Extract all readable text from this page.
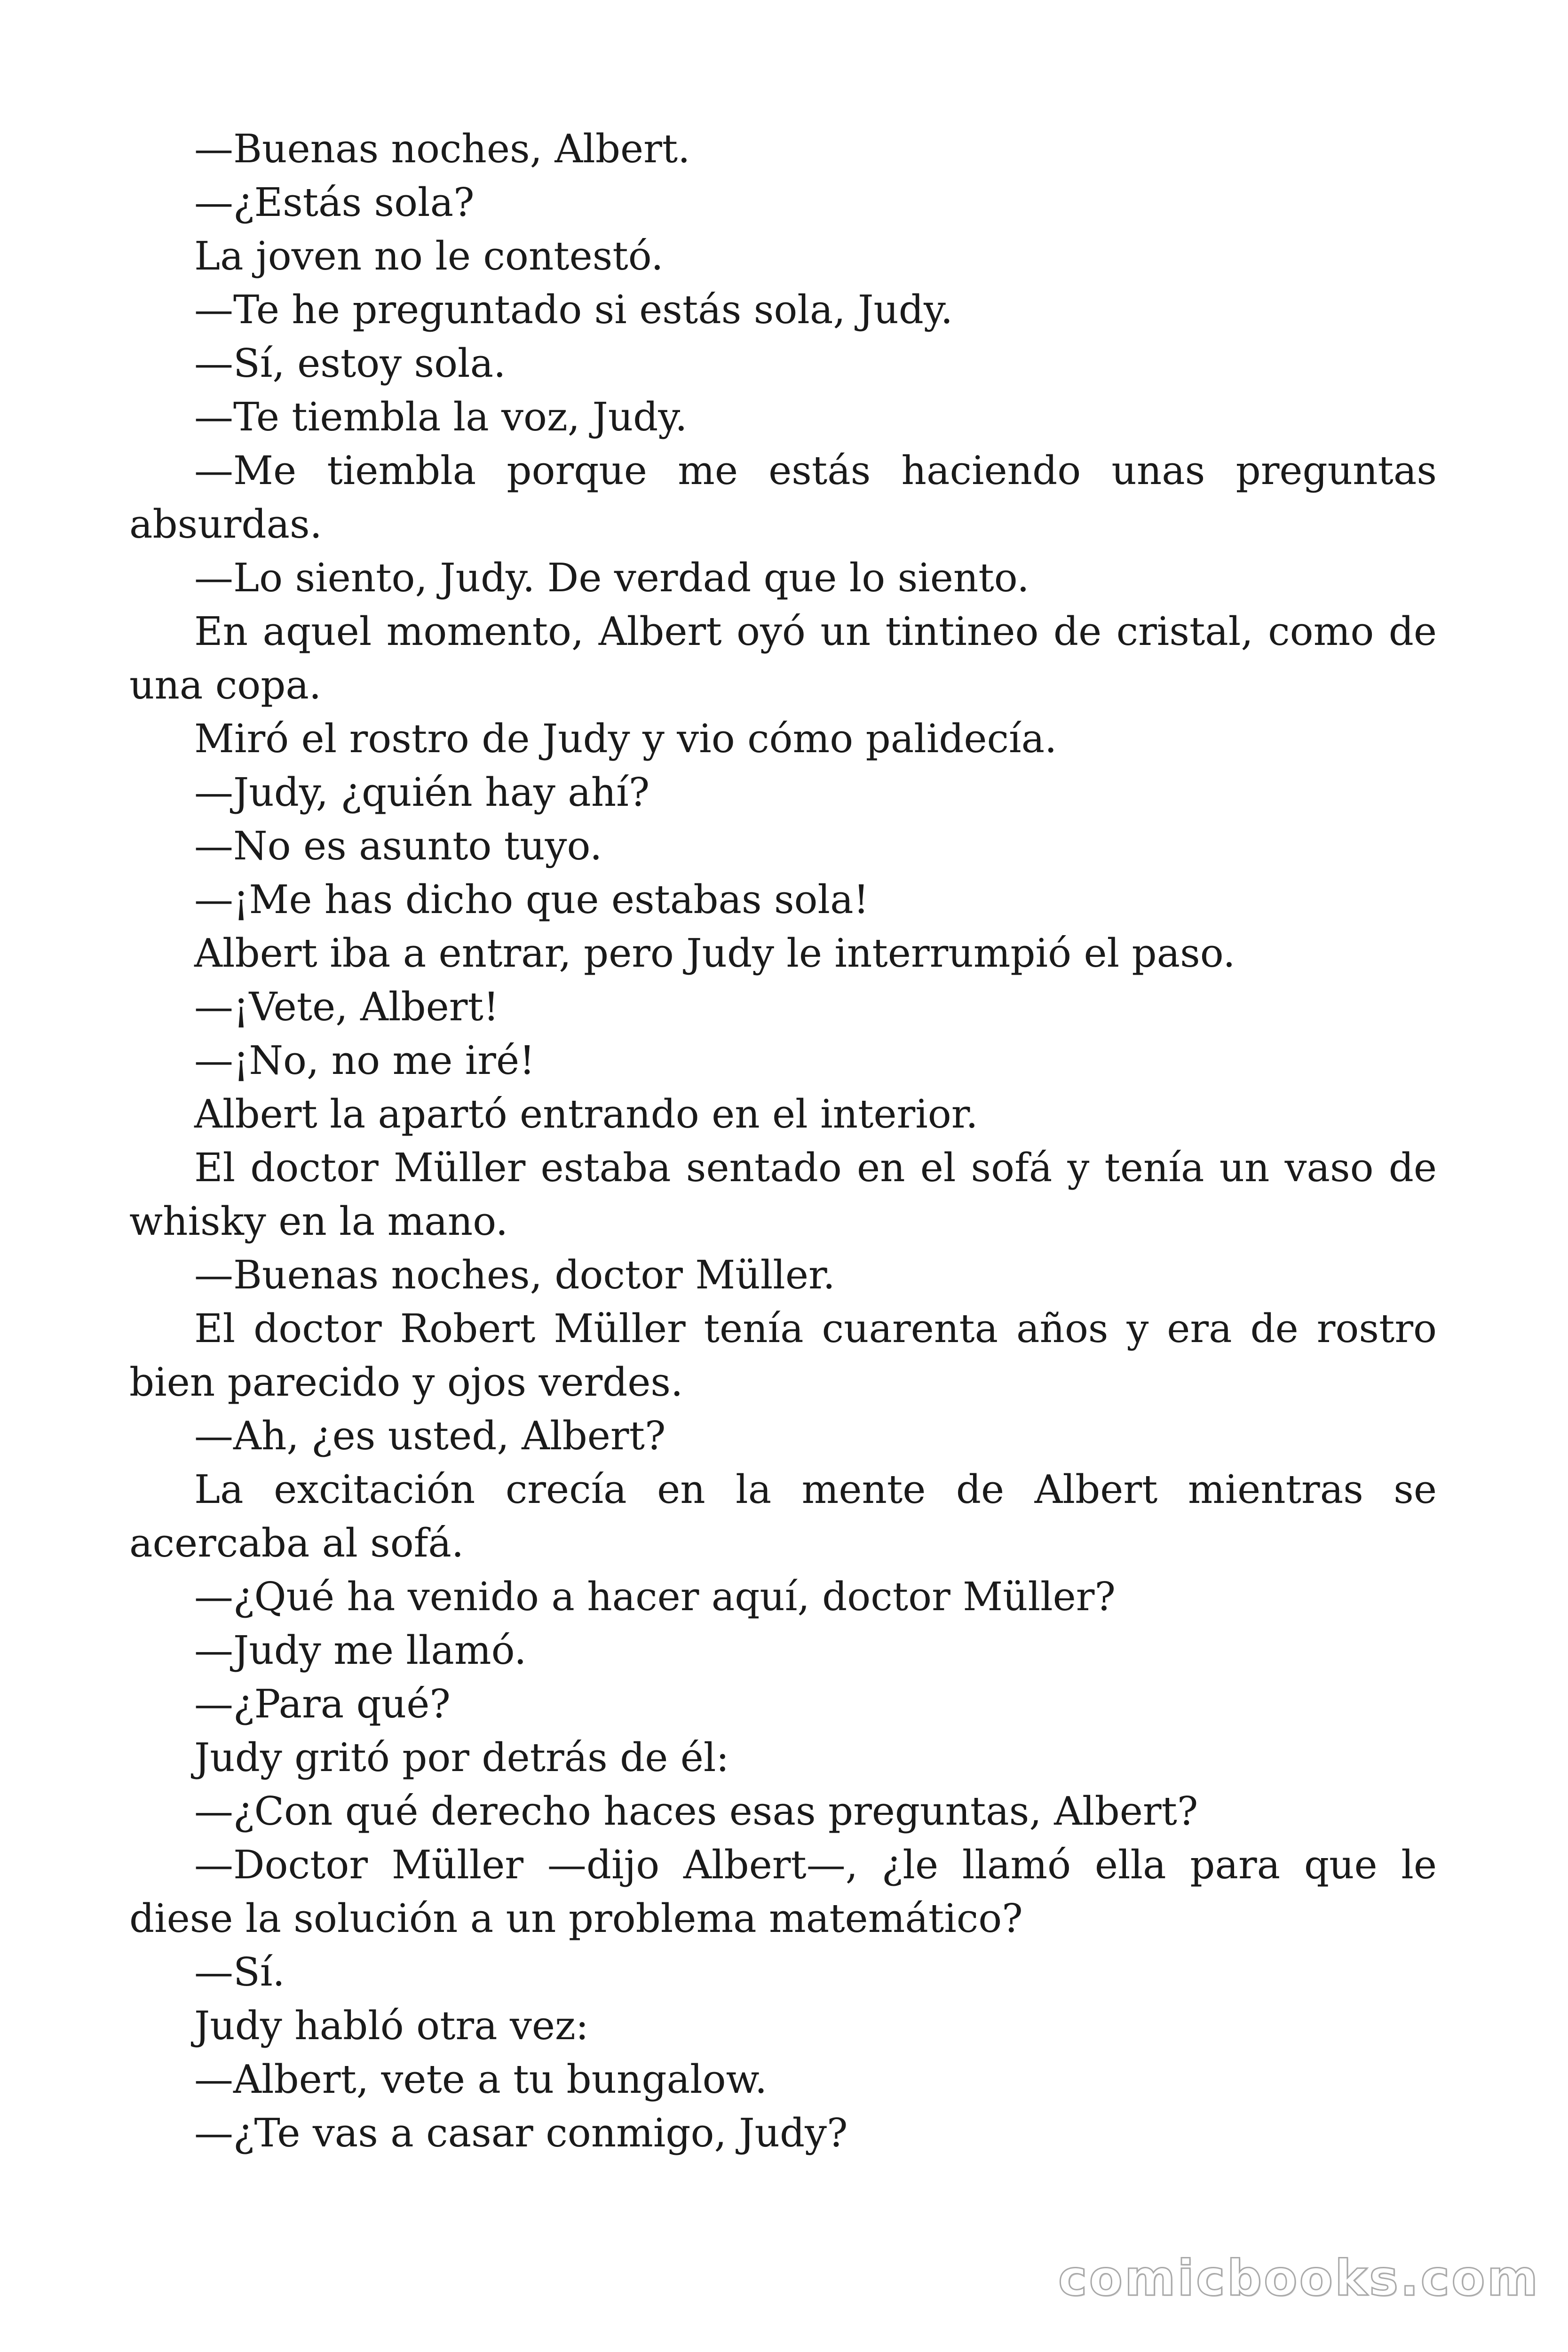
—Buenas noches, Albert.

—¿Estás sola?

La joven no le contestó.

—Te he preguntado si estás sola, Judy.

—Sí, estoy sola.

—Te tiembla la voz, Judy.

—Me tiembla porque me estás haciendo unas preguntas absurdas.

—Lo siento, Judy. De verdad que lo siento.

En aquel momento, Albert oyó un tintineo de cristal, como de una copa.

Miró el rostro de Judy y vio cómo palidecía.

—Judy, ¿quién hay ahí?

—No es asunto tuyo.

—¡Me has dicho que estabas sola!

Albert iba a entrar, pero Judy le interrumpió el paso.

—¡Vete, Albert!

—¡No, no me iré!

Albert la apartó entrando en el interior.

El doctor Müller estaba sentado en el sofá y tenía un vaso de whisky en la mano.

—Buenas noches, doctor Müller.

El doctor Robert Müller tenía cuarenta años y era de rostro bien parecido y ojos verdes.

—Ah, ¿es usted, Albert?

La excitación crecía en la mente de Albert mientras se acercaba al sofá.

—¿Qué ha venido a hacer aquí, doctor Müller?

—Judy me llamó.

—¿Para qué?

Judy gritó por detrás de él:

—¿Con qué derecho haces esas preguntas, Albert?

—Doctor Müller —dijo Albert—, ¿le llamó ella para que le diese la solución a un problema matemático?

—Sí.

Judy habló otra vez:

—Albert, vete a tu bungalow.

—¿Te vas a casar conmigo, Judy?

comicbooks.com
